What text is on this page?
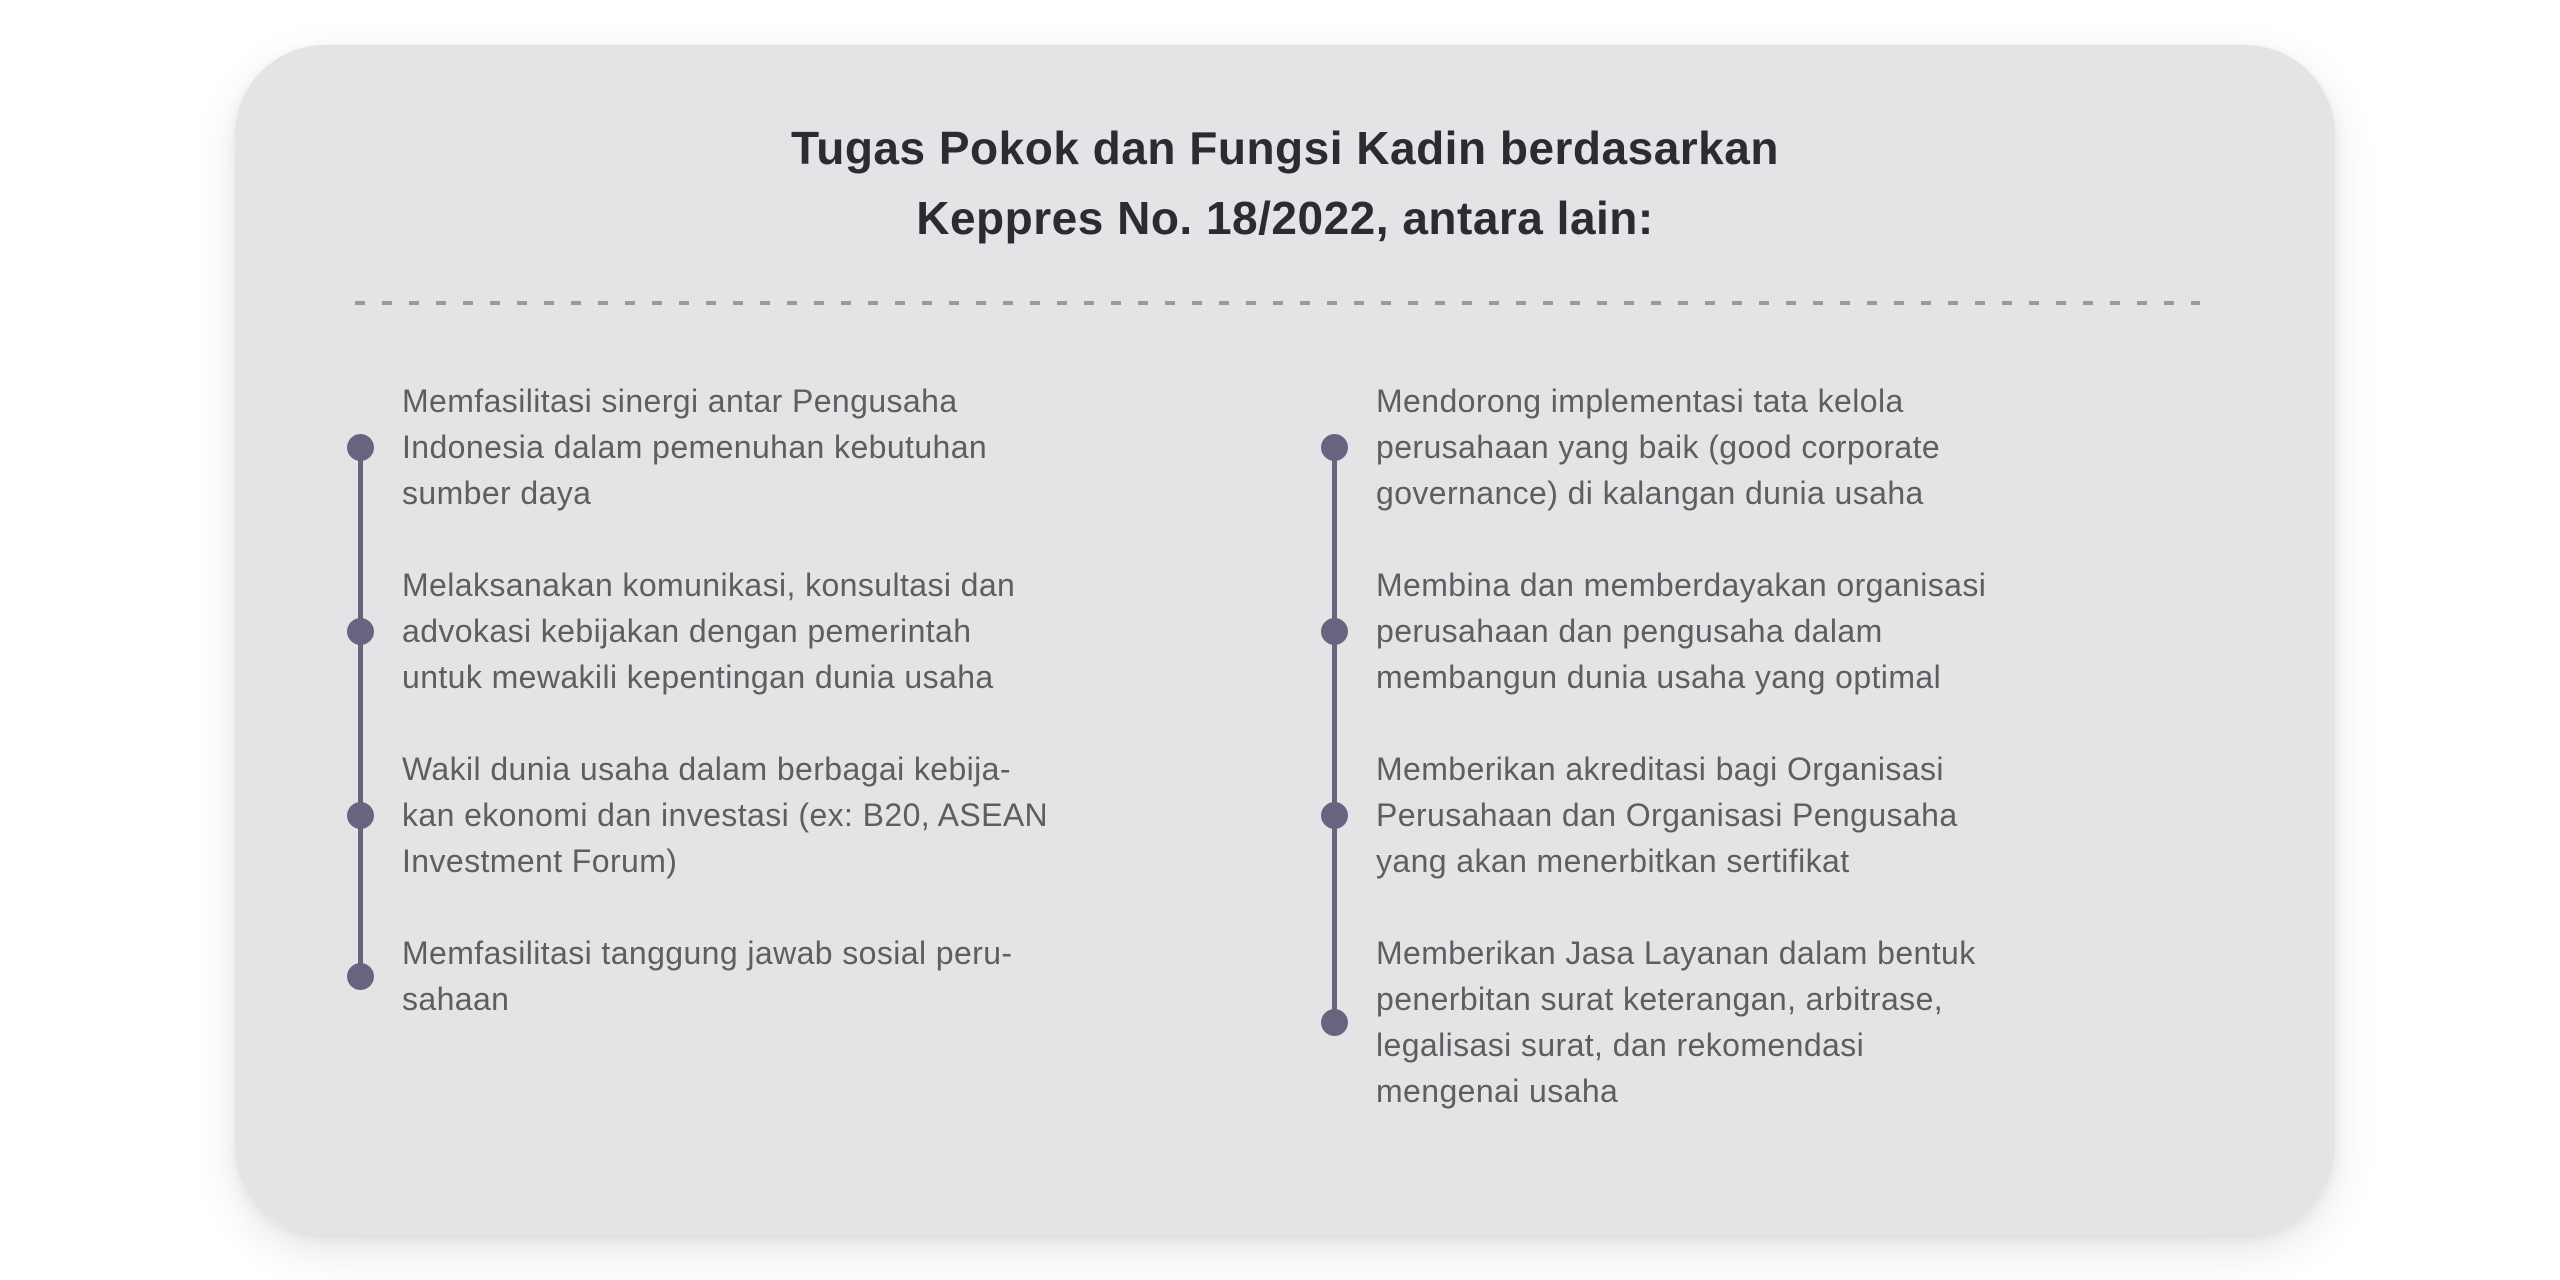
Tugas Pokok dan Fungsi Kadin berdasarkan
Keppres No. 18/2022, antara lain:
Memfasilitasi sinergi antar Pengusaha
Indonesia dalam pemenuhan kebutuhan
sumber daya
Melaksanakan komunikasi, konsultasi dan
advokasi kebijakan dengan pemerintah
untuk mewakili kepentingan dunia usaha
Wakil dunia usaha dalam berbagai kebija-
kan ekonomi dan investasi (ex: B20, ASEAN
Investment Forum)
Memfasilitasi tanggung jawab sosial peru-
sahaan
Mendorong implementasi tata kelola
perusahaan yang baik (good corporate
governance) di kalangan dunia usaha
Membina dan memberdayakan organisasi
perusahaan dan pengusaha dalam
membangun dunia usaha yang optimal
Memberikan akreditasi bagi Organisasi
Perusahaan dan Organisasi Pengusaha
yang akan menerbitkan sertifikat
Memberikan Jasa Layanan dalam bentuk
penerbitan surat keterangan, arbitrase,
legalisasi surat, dan rekomendasi
mengenai usaha
